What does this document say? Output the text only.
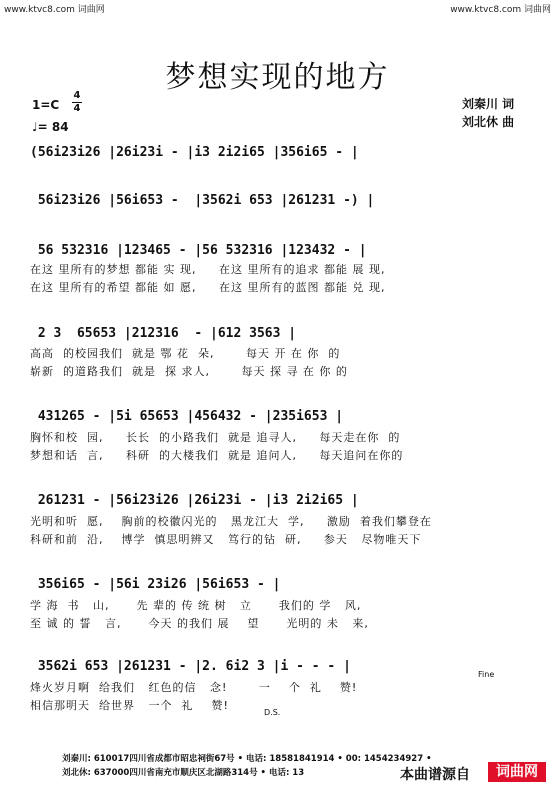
www.ktvc8.com 词曲网	www.ktvc8.com 词曲网
梦想实现的地方
1=C
4
4
♩= 84
刘秦川 词
刘北休 曲
(56i23i26 |26i23i - |i3 2i2i65 |356i65 - |
56i23i26 |56i653 -  |3562i 653 |261231 -) |
56 532316 |123465 - |56 532316 |123432 - |
在这 里所有的梦想 都能 实 现,     在这 里所有的追求 都能 展 现,
在这 里所有的希望 都能 如 愿,     在这 里所有的蓝图 都能 兑 现,
2 3  65653 |212316  - |612 3563 |
高高  的校园我们  就是 鄂 花  朵,       每天 开 在 你  的
崭新  的道路我们  就是  探 求人,       每天 探 寻 在 你 的
431265 - |5i 65653 |456432 - |235i653 |
胸怀和校  园,     长长  的小路我们  就是 追寻人,     每天走在你  的
梦想和话  言,     科研  的大楼我们  就是 追问人,     每天追问在你的
261231 - |56i23i26 |26i23i - |i3 2i2i65 |
光明和听  愿,    胸前的校徽闪光的   黑龙江大  学,     激励  着我们攀登在
科研和前  沿,    博学  慎思明辨又   笃行的钻  研,     参天   尽物唯天下
356i65 - |56i 23i26 |56i653 - |
学 海  书   山,      先 辈的 传 统 树   立      我们的 学   风,
至 诚 的 誓   言,      今天 的我们 展    望      光明的 未   来,
3562i 653 |261231 - |2. 6i2 3 |i - - - |
烽火岁月啊  给我们   红色的信   念!       一    个  礼    赞!
相信那明天  给世界   一个  礼    赞!
Fine
D.S.
刘秦川: 610017四川省成都市昭忠祠街67号 • 电话: 18581841914 • 00: 1454234927 •
刘北休: 637000四川省南充市顺庆区北湖路314号 • 电话: 13	本曲谱源自	词曲网
